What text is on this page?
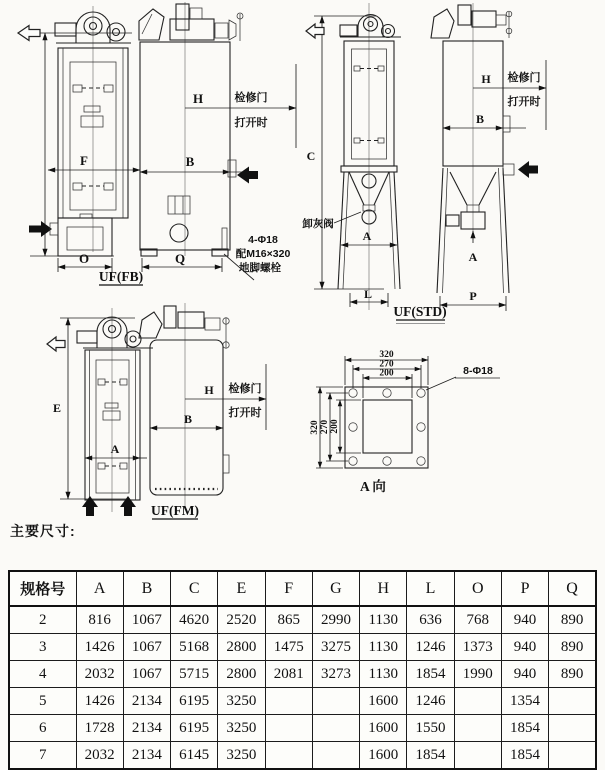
F
O
H	检修门
打开时
B
Q
4-Φ18
配M16×320
地脚螺栓
UF(FB)
C
A
L
卸灰阀
H 检修门
打开时
B
A
P
UF(STD)
E
A
H 检修门
打开时
B
UF(FM)
320
270
200
320 270 200
8-Φ18
A 向
主要尺寸:
规格号	A	B	C	E	F	G	H	L	O	P	Q
2	816	1067	4620	2520	865	2990	1130	636	768	940	890
3	1426	1067	5168	2800	1475	3275	1130	1246	1373	940	890
4	2032	1067	5715	2800	2081	3273	1130	1854	1990	940	890
5	1426	2134	6195	3250			1600	1246		1354	
6	1728	2134	6195	3250			1600	1550		1854	
7	2032	2134	6145	3250			1600	1854		1854	
